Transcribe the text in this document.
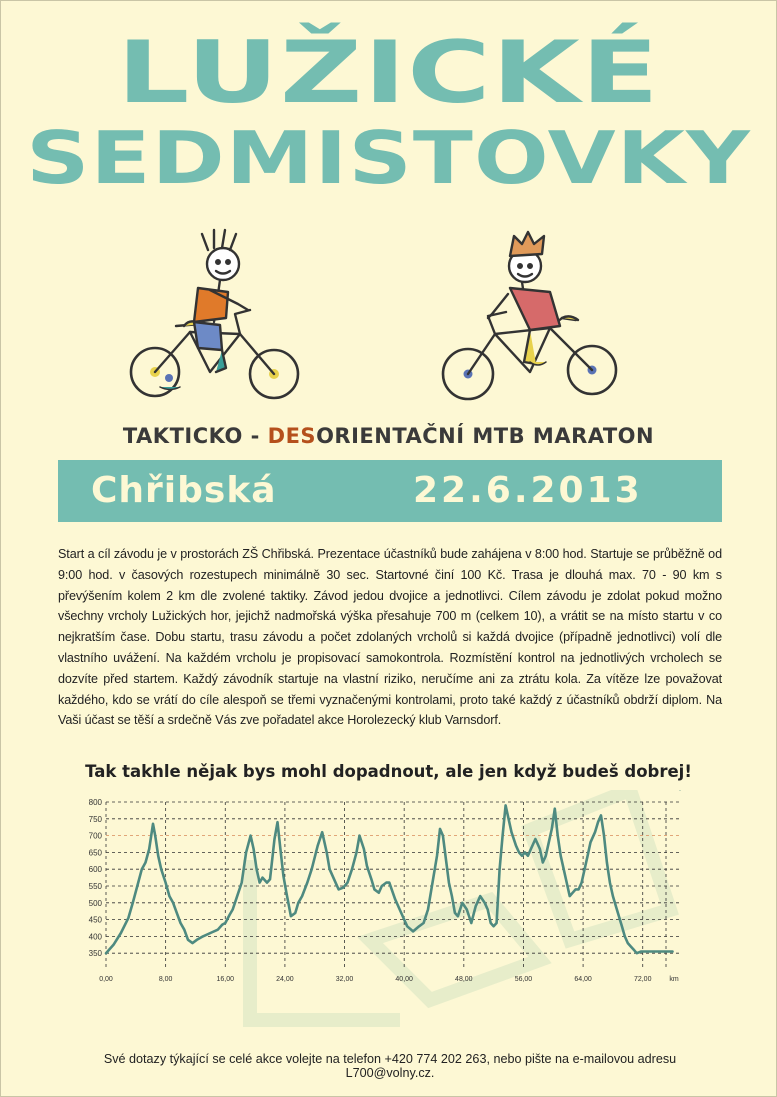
LUŽICKÉ
SEDMISTOVKY
TAKTICKO - DESORIENTAČNÍ MTB MARATON
Chřibská	22.6.2013
Start a cíl závodu je v prostorách ZŠ Chřibská. Prezentace účastníků bude zahájena v 8:00 hod. Startuje se průběžně od 9:00 hod. v časových rozestupech minimálně 30 sec. Startovné činí 100 Kč. Trasa je dlouhá max. 70 - 90 km s převýšením kolem 2 km dle zvolené taktiky. Závod jedou dvojice a jednotlivci. Cílem závodu je zdolat pokud možno všechny vrcholy Lužických hor, jejichž nadmořská výška přesahuje 700 m (celkem 10), a vrátit se na místo startu v co nejkratším čase. Dobu startu, trasu závodu a počet zdolaných vrcholů si každá dvojice (případně jednotlivci) volí dle vlastního uvážení. Na každém vrcholu je propisovací samokontrola. Rozmístění kontrol na jednotlivých vrcholech se dozvíte před startem. Každý závodník startuje na vlastní riziko, neručíme ani za ztrátu kola. Za vítěze lze považovat každého, kdo se vrátí do cíle alespoň se třemi vyznačenými kontrolami, proto také každý z účastníků obdrží diplom. Na Vaši účast se těší a srdečně Vás zve pořadatel akce Horolezecký klub Varnsdorf.
Tak takhle nějak bys mohl dopadnout, ale jen když budeš dobrej!
800
750
700
650
600
550
500
450
400
350
0,00	8,00	16,00	24,00	32,00	40,00	48,00	56,00	64,00	72,00	km
Své dotazy týkající se celé akce volejte na telefon +420 774 202 263, nebo pište na e-mailovou adresu L700@volny.cz.
